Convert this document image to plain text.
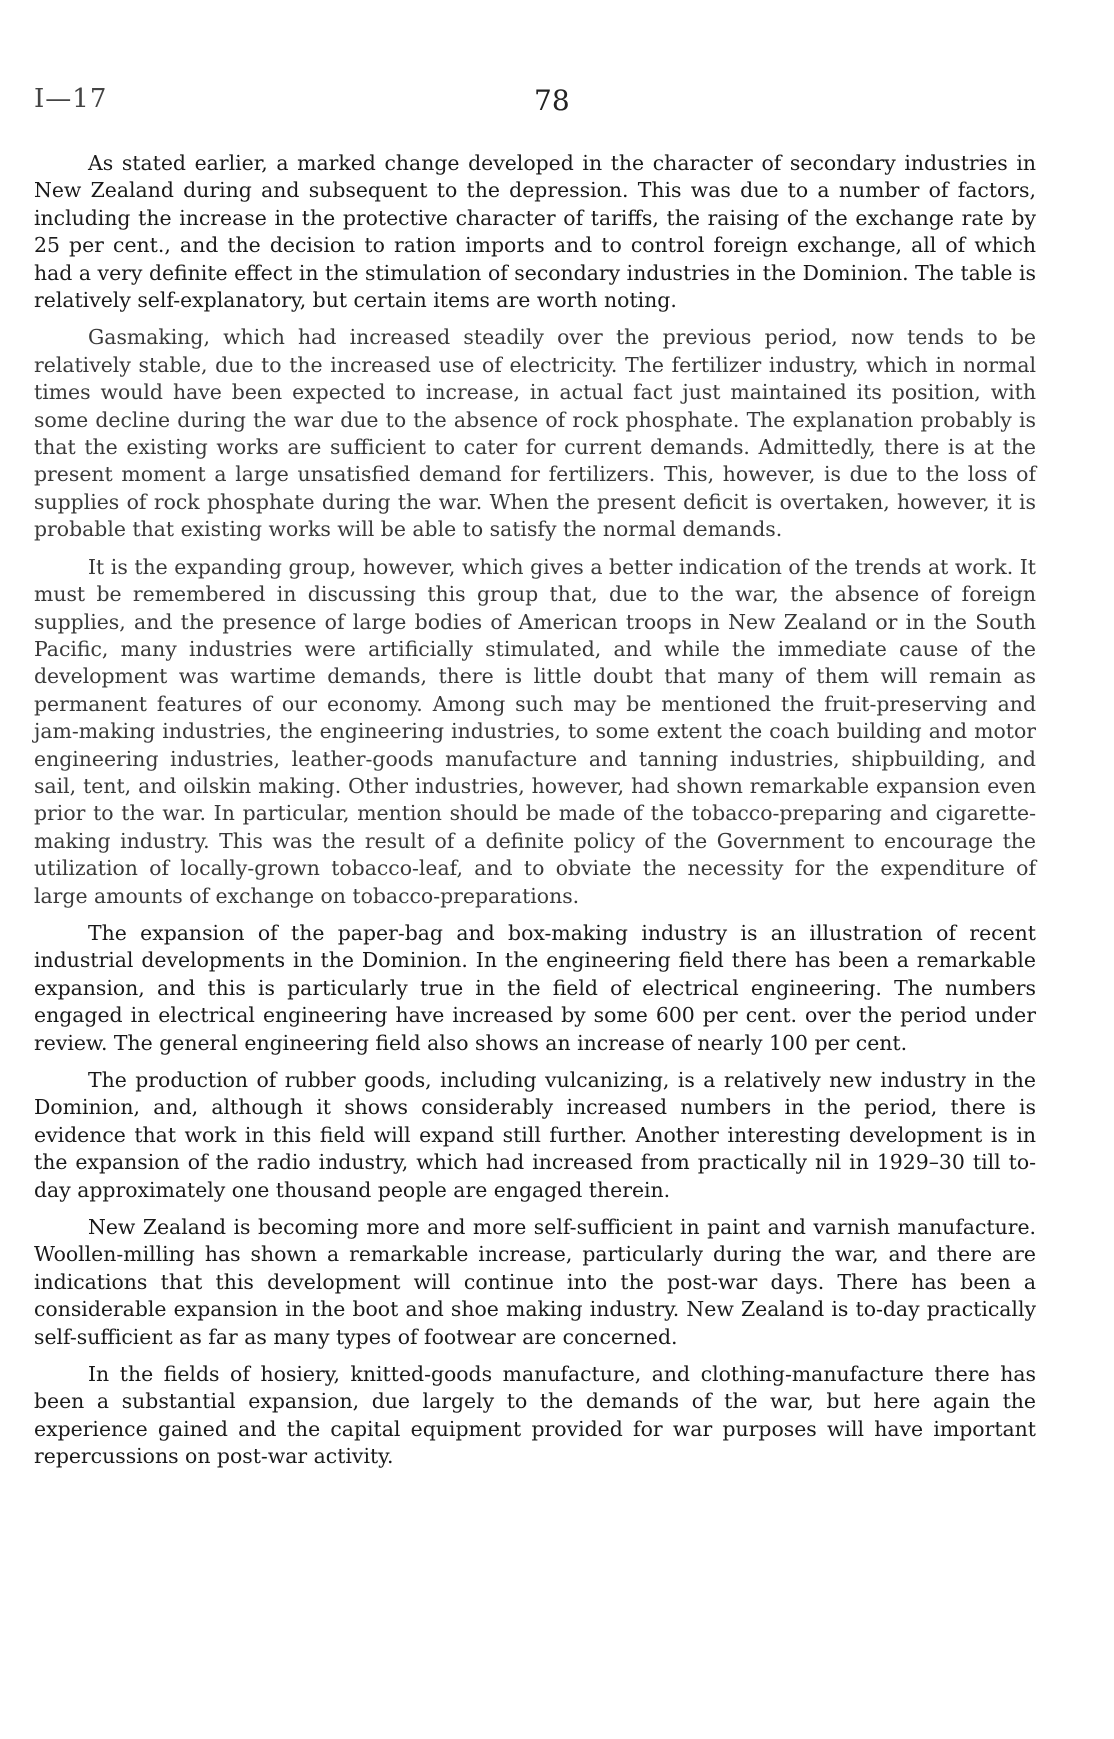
I—17	78

As stated earlier, a marked change developed in the character of secondary industries in New Zealand during and subsequent to the depression. This was due to a number of factors, including the increase in the protective character of tariffs, the raising of the exchange rate by 25 per cent., and the decision to ration imports and to control foreign exchange, all of which had a very definite effect in the stimulation of secondary industries in the Dominion. The table is relatively self-explanatory, but certain items are worth noting.

Gasmaking, which had increased steadily over the previous period, now tends to be relatively stable, due to the increased use of electricity. The fertilizer industry, which in normal times would have been expected to increase, in actual fact just maintained its position, with some decline during the war due to the absence of rock phosphate. The explanation probably is that the existing works are sufficient to cater for current demands. Admittedly, there is at the present moment a large unsatisfied demand for fertilizers. This, however, is due to the loss of supplies of rock phosphate during the war. When the present deficit is overtaken, however, it is probable that existing works will be able to satisfy the normal demands.

It is the expanding group, however, which gives a better indication of the trends at work. It must be remembered in discussing this group that, due to the war, the absence of foreign supplies, and the presence of large bodies of American troops in New Zealand or in the South Pacific, many industries were artificially stimulated, and while the immediate cause of the development was wartime demands, there is little doubt that many of them will remain as permanent features of our economy. Among such may be mentioned the fruit-preserving and jam-making industries, the engineering industries, to some extent the coach building and motor engineering industries, leather-goods manufacture and tanning industries, shipbuilding, and sail, tent, and oilskin making. Other industries, however, had shown remarkable expansion even prior to the war. In particular, mention should be made of the tobacco-preparing and cigarette-making industry. This was the result of a definite policy of the Government to encourage the utilization of locally-grown tobacco-leaf, and to obviate the necessity for the expenditure of large amounts of exchange on tobacco-preparations.

The expansion of the paper-bag and box-making industry is an illustration of recent industrial developments in the Dominion. In the engineering field there has been a remarkable expansion, and this is particularly true in the field of electrical engineering. The numbers engaged in electrical engineering have increased by some 600 per cent. over the period under review. The general engineering field also shows an increase of nearly 100 per cent.

The production of rubber goods, including vulcanizing, is a relatively new industry in the Dominion, and, although it shows considerably increased numbers in the period, there is evidence that work in this field will expand still further. Another interesting development is in the expansion of the radio industry, which had increased from practically nil in 1929–30 till to-day approximately one thousand people are engaged therein.

New Zealand is becoming more and more self-sufficient in paint and varnish manufacture. Woollen-milling has shown a remarkable increase, particularly during the war, and there are indications that this development will continue into the post-war days. There has been a considerable expansion in the boot and shoe making industry. New Zealand is to-day practically self-sufficient as far as many types of footwear are concerned.

In the fields of hosiery, knitted-goods manufacture, and clothing-manufacture there has been a substantial expansion, due largely to the demands of the war, but here again the experience gained and the capital equipment provided for war purposes will have important repercussions on post-war activity.
